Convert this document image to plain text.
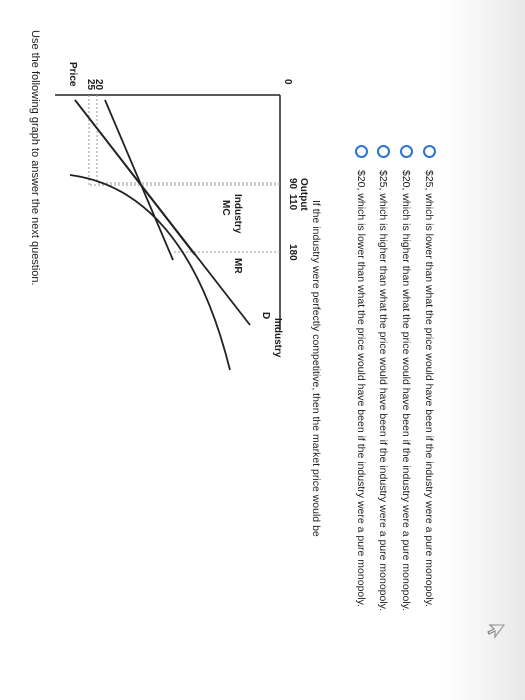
Use the following graph to answer the next question.	Price 25
20	0
90
110
180
Output
MC Industry
MR
D
Industry	If the industry were perfectly competitive, then the market price would be	$20, which is lower than what the price would have been if the industry were a pure monopoly. $25, which is higher than what the price would have been if the industry were a pure monopoly. $20, which is higher than what the price would have been if the industry were a pure monopoly. $25, which is lower than what the price would have been if the industry were a pure monopoly.
